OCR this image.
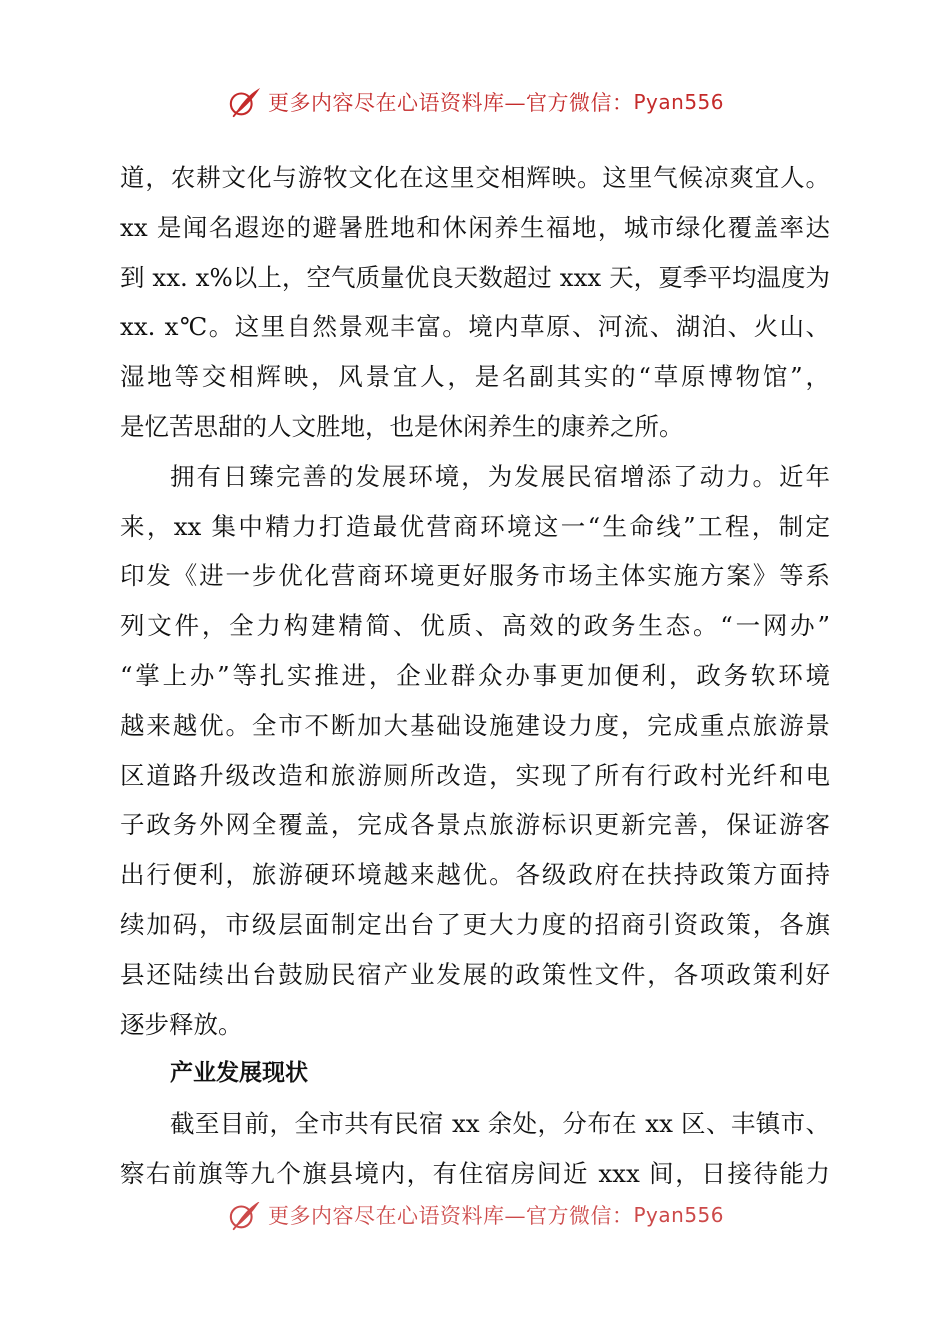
更多内容尽在心语资料库—官方微信： Pyan556
道，农耕文化与游牧文化在这里交相辉映。这里气候凉爽宜人。
xx 是闻名遐迩的避暑胜地和休闲养生福地，城市绿化覆盖率达
到 xx. x%以上，空气质量优良天数超过 xxx 天，夏季平均温度为
xx. x℃。这里自然景观丰富。境内草原、河流、湖泊、火山、
湿地等交相辉映，风景宜人，是名副其实的“草原博物馆”，
是忆苦思甜的人文胜地，也是休闲养生的康养之所。
拥有日臻完善的发展环境，为发展民宿增添了动力。近年
来，xx 集中精力打造最优营商环境这一“生命线”工程，制定
印发《进一步优化营商环境更好服务市场主体实施方案》等系
列文件，全力构建精简、优质、高效的政务生态。“一网办”
“掌上办”等扎实推进，企业群众办事更加便利，政务软环境
越来越优。全市不断加大基础设施建设力度，完成重点旅游景
区道路升级改造和旅游厕所改造，实现了所有行政村光纤和电
子政务外网全覆盖，完成各景点旅游标识更新完善，保证游客
出行便利，旅游硬环境越来越优。各级政府在扶持政策方面持
续加码，市级层面制定出台了更大力度的招商引资政策，各旗
县还陆续出台鼓励民宿产业发展的政策性文件，各项政策利好
逐步释放。
产业发展现状
截至目前，全市共有民宿 xx 余处，分布在 xx 区、丰镇市、
察右前旗等九个旗县境内，有住宿房间近 xxx 间，日接待能力
更多内容尽在心语资料库—官方微信： Pyan556
